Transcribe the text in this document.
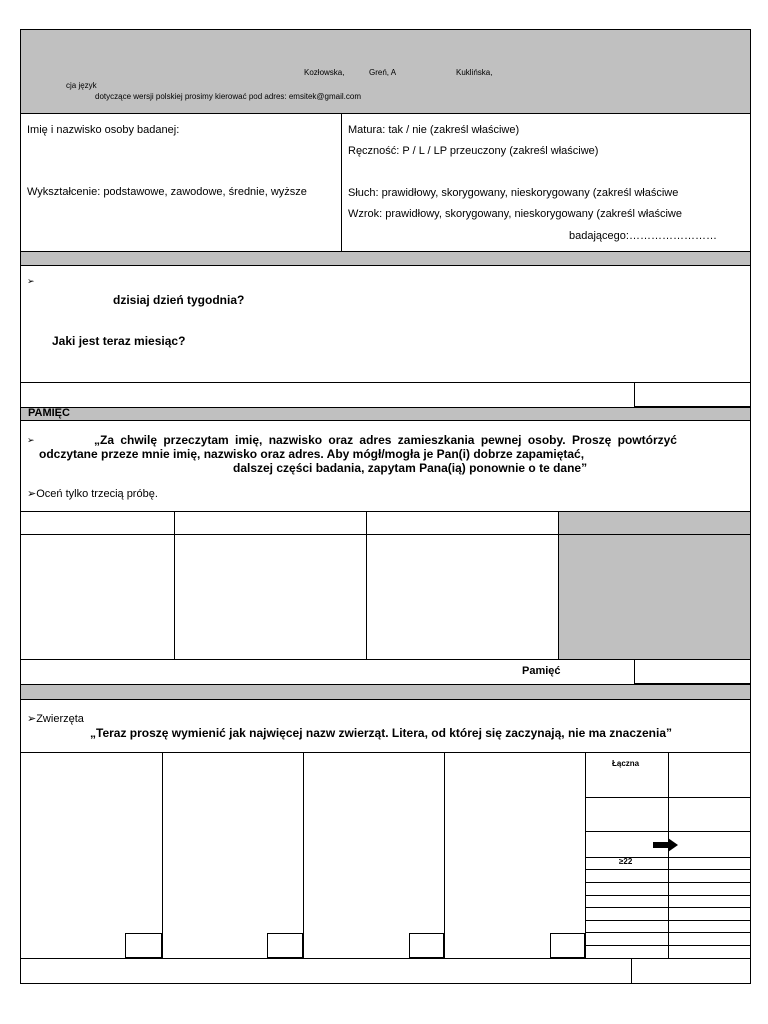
Kozłowska,	Greń, A	Kuklińska,
cja język
dotyczące wersji polskiej prosimy kierować pod adres: emsitek@gmail.com
Imię i nazwisko osoby badanej:
Wykształcenie: podstawowe, zawodowe, średnie, wyższe
Matura: tak / nie (zakreśl właściwe)
Ręczność: P / L / LP przeuczony (zakreśl właściwe)
Słuch: prawidłowy, skorygowany, nieskorygowany (zakreśl właściwe
Wzrok: prawidłowy, skorygowany, nieskorygowany (zakreśl właściwe
badającego:……………………
➢
dzisiaj dzień tygodnia?
Jaki jest teraz miesiąc?
PAMIĘC
➢	„Za chwilę przeczytam imię, nazwisko oraz adres zamieszkania pewnej osoby. Proszę powtórzyć
odczytane przeze mnie imię, nazwisko oraz adres. Aby mógł/mogła je Pan(i) dobrze zapamiętać,
dalszej części badania, zapytam Pana(ią) ponownie o te dane”
➢Oceń tylko trzecią próbę.
Pamięć
➢Zwierzęta
„Teraz proszę wymienić jak najwięcej nazw zwierząt. Litera, od której się zaczynają, nie ma znaczenia”
Łączna
≥22
